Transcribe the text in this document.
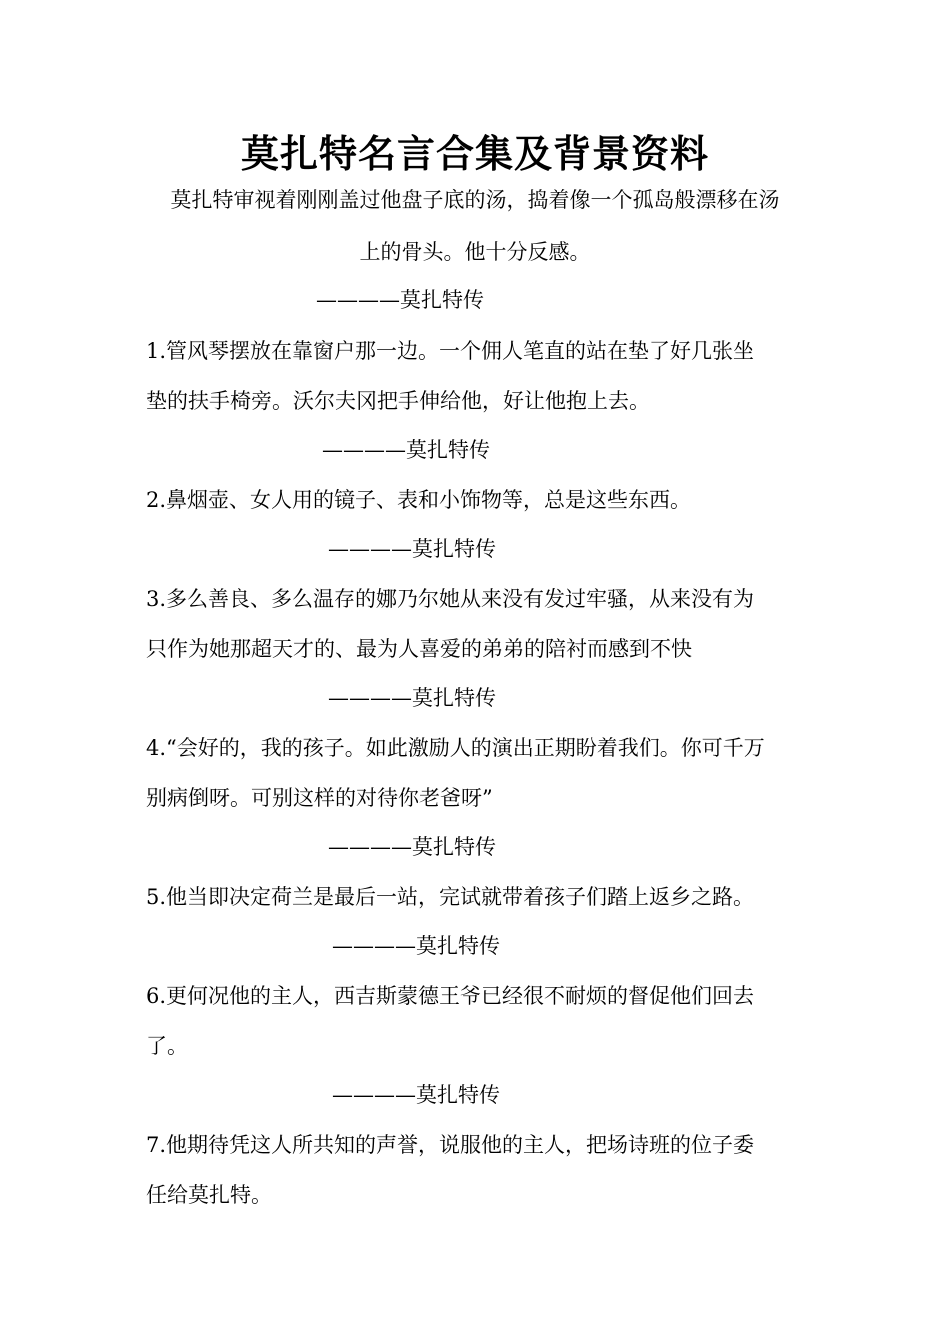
莫扎特名言合集及背景资料
莫扎特审视着刚刚盖过他盘子底的汤，捣着像一个孤岛般漂移在汤
上的骨头。他十分反感。
————莫扎特传
1.管风琴摆放在靠窗户那一边。一个佣人笔直的站在垫了好几张坐
垫的扶手椅旁。沃尔夫冈把手伸给他，好让他抱上去。
————莫扎特传
2.鼻烟壶、女人用的镜子、表和小饰物等，总是这些东西。
————莫扎特传
3.多么善良、多么温存的娜乃尔她从来没有发过牢骚，从来没有为
只作为她那超天才的、最为人喜爱的弟弟的陪衬而感到不快
————莫扎特传
4.“会好的，我的孩子。如此激励人的演出正期盼着我们。你可千万
别病倒呀。可别这样的对待你老爸呀”
————莫扎特传
5.他当即决定荷兰是最后一站，完试就带着孩子们踏上返乡之路。
————莫扎特传
6.更何况他的主人，西吉斯蒙德王爷已经很不耐烦的督促他们回去
了。
————莫扎特传
7.他期待凭这人所共知的声誉，说服他的主人，把场诗班的位子委
任给莫扎特。
